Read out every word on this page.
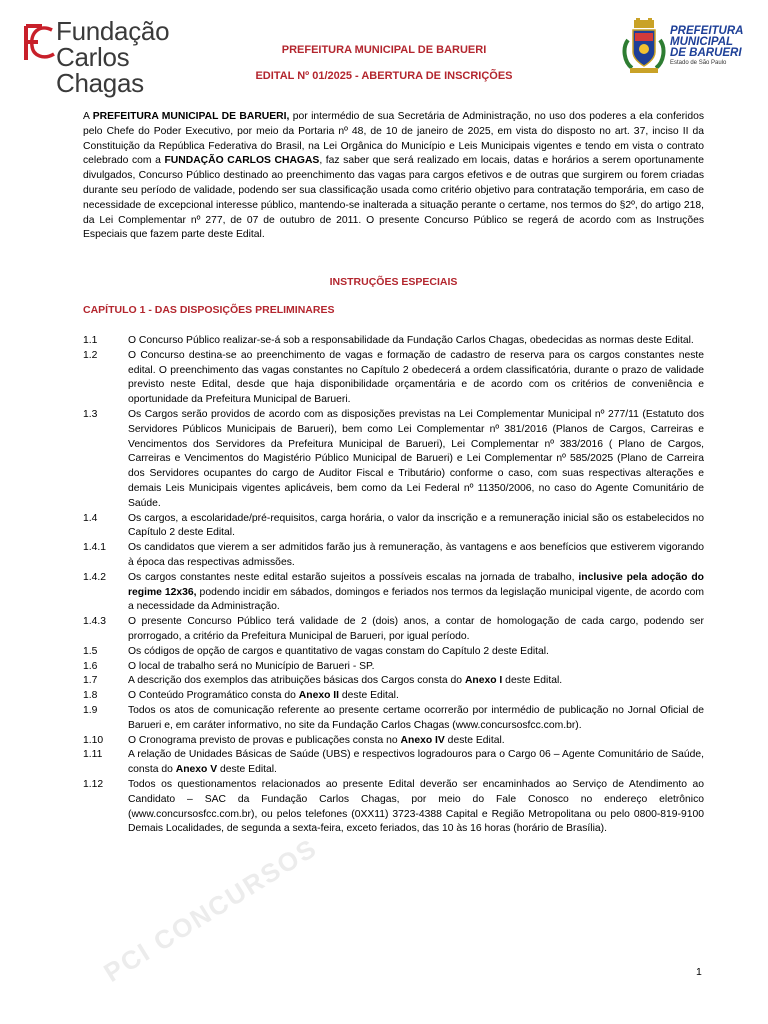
Fundação
Carlos Chagas
PREFEITURA MUNICIPAL DE BARUERI
EDITAL Nº 01/2025 - ABERTURA DE INSCRIÇÕES
PREFEITURA
MUNICIPAL
DE BARUERI
Estado de São Paulo
A PREFEITURA MUNICIPAL DE BARUERI, por intermédio de sua Secretária de Administração, no uso dos poderes a ela conferidos pelo Chefe do Poder Executivo, por meio da Portaria nº 48, de 10 de janeiro de 2025, em vista do disposto no art. 37, inciso II da Constituição da República Federativa do Brasil, na Lei Orgânica do Município e Leis Municipais vigentes e tendo em vista o contrato celebrado com a FUNDAÇÃO CARLOS CHAGAS, faz saber que será realizado em locais, datas e horários a serem oportunamente divulgados, Concurso Público destinado ao preenchimento das vagas para cargos efetivos e de outras que surgirem ou forem criadas durante seu período de validade, podendo ser sua classificação usada como critério objetivo para contratação temporária, em caso de necessidade de excepcional interesse público, mantendo-se inalterada a situação perante o certame, nos termos do §2º, do artigo 218, da Lei Complementar nº 277, de 07 de outubro de 2011. O presente Concurso Público se regerá de acordo com as Instruções Especiais que fazem parte deste Edital.
INSTRUÇÕES ESPECIAIS
CAPÍTULO 1 - DAS DISPOSIÇÕES PRELIMINARES
1.1	O Concurso Público realizar-se-á sob a responsabilidade da Fundação Carlos Chagas, obedecidas as normas deste Edital.
1.2	O Concurso destina-se ao preenchimento de vagas e formação de cadastro de reserva para os cargos constantes neste edital. O preenchimento das vagas constantes no Capítulo 2 obedecerá a ordem classificatória, durante o prazo de validade previsto neste Edital, desde que haja disponibilidade orçamentária e de acordo com os critérios de conveniência e oportunidade da Prefeitura Municipal de Barueri.
1.3	Os Cargos serão providos de acordo com as disposições previstas na Lei Complementar Municipal nº 277/11 (Estatuto dos Servidores Públicos Municipais de Barueri), bem como Lei Complementar nº 381/2016 (Planos de Cargos, Carreiras e Vencimentos dos Servidores da Prefeitura Municipal de Barueri), Lei Complementar nº 383/2016 ( Plano de Cargos, Carreiras e Vencimentos do Magistério Público Municipal de Barueri) e Lei Complementar nº 585/2025 (Plano de Carreira dos Servidores ocupantes do cargo de Auditor Fiscal e Tributário) conforme o caso, com suas respectivas alterações e demais Leis Municipais vigentes aplicáveis, bem como da Lei Federal nº 11350/2006, no caso do Agente Comunitário de Saúde.
1.4	Os cargos, a escolaridade/pré-requisitos, carga horária, o valor da inscrição e a remuneração inicial são os estabelecidos no Capítulo 2 deste Edital.
1.4.1	Os candidatos que vierem a ser admitidos farão jus à remuneração, às vantagens e aos benefícios que estiverem vigorando à época das respectivas admissões.
1.4.2	Os cargos constantes neste edital estarão sujeitos a possíveis escalas na jornada de trabalho, inclusive pela adoção do regime 12x36, podendo incidir em sábados, domingos e feriados nos termos da legislação municipal vigente, de acordo com a necessidade da Administração.
1.4.3	O presente Concurso Público terá validade de 2 (dois) anos, a contar de homologação de cada cargo, podendo ser prorrogado, a critério da Prefeitura Municipal de Barueri, por igual período.
1.5	Os códigos de opção de cargos e quantitativo de vagas constam do Capítulo 2 deste Edital.
1.6	O local de trabalho será no Município de Barueri - SP.
1.7	A descrição dos exemplos das atribuições básicas dos Cargos consta do Anexo I deste Edital.
1.8	O Conteúdo Programático consta do Anexo II deste Edital.
1.9	Todos os atos de comunicação referente ao presente certame ocorrerão por intermédio de publicação no Jornal Oficial de Barueri e, em caráter informativo, no site da Fundação Carlos Chagas (www.concursosfcc.com.br).
1.10	O Cronograma previsto de provas e publicações consta no Anexo IV deste Edital.
1.11	A relação de Unidades Básicas de Saúde (UBS) e respectivos logradouros para o Cargo 06 – Agente Comunitário de Saúde, consta do Anexo V deste Edital.
1.12	Todos os questionamentos relacionados ao presente Edital deverão ser encaminhados ao Serviço de Atendimento ao Candidato – SAC da Fundação Carlos Chagas, por meio do Fale Conosco no endereço eletrônico (www.concursosfcc.com.br), ou pelos telefones (0XX11) 3723-4388 Capital e Região Metropolitana ou pelo 0800-819-9100 Demais Localidades, de segunda a sexta-feira, exceto feriados, das 10 às 16 horas (horário de Brasília).
PCI CONCURSOS	1
